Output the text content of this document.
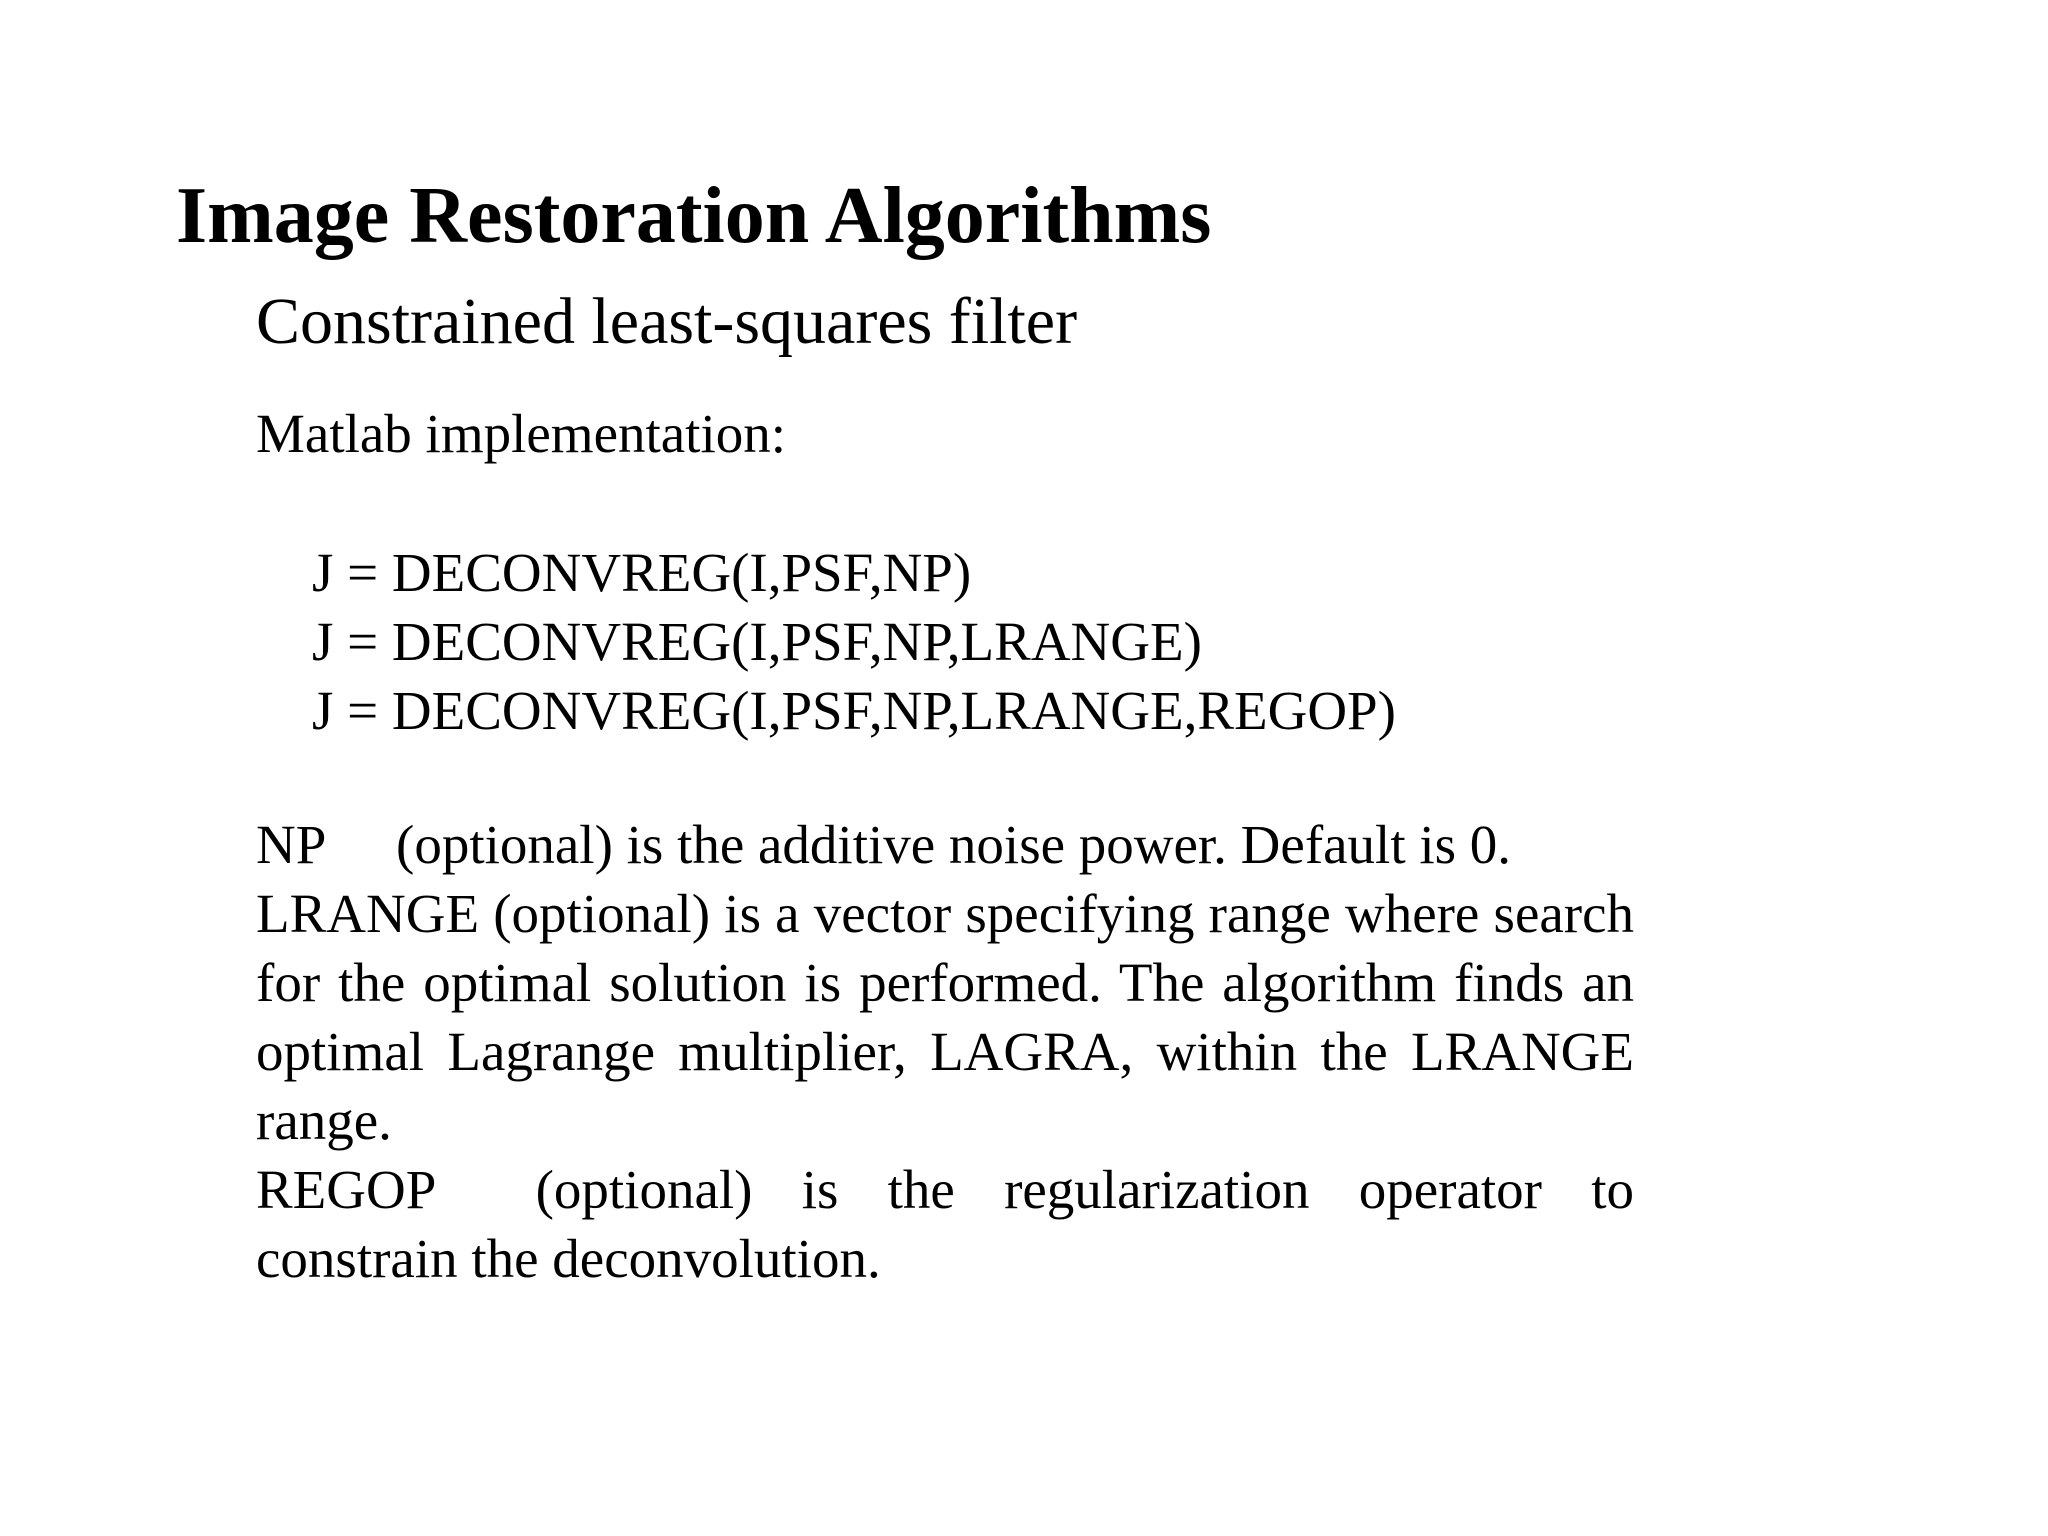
Image Restoration Algorithms
Constrained least-squares filter

Matlab implementation:

J = DECONVREG(I,PSF,NP)
J = DECONVREG(I,PSF,NP,LRANGE)
J = DECONVREG(I,PSF,NP,LRANGE,REGOP)

NP (optional) is the additive noise power. Default is 0.

LRANGE (optional) is a vector specifying range where search for the optimal solution is performed. The algorithm finds an optimal Lagrange multiplier, LAGRA, within the LRANGE range.

REGOP (optional) is the regularization operator to constrain the deconvolution.
